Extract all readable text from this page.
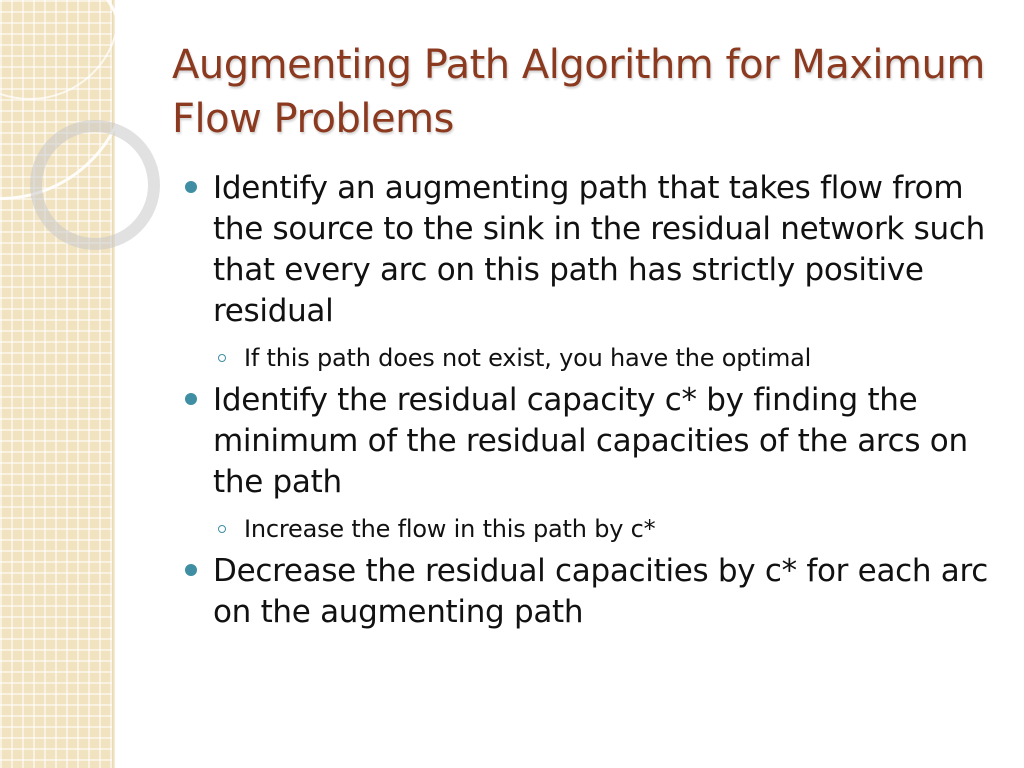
Augmenting Path Algorithm for Maximum Flow Problems
Identify an augmenting path that takes flow from the source to the sink in the residual network such that every arc on this path has strictly positive residual
If this path does not exist, you have the optimal
Identify the residual capacity c* by finding the minimum of the residual capacities of the arcs on the path
Increase the flow in this path by c*
Decrease the residual capacities by c* for each arc on the augmenting path
